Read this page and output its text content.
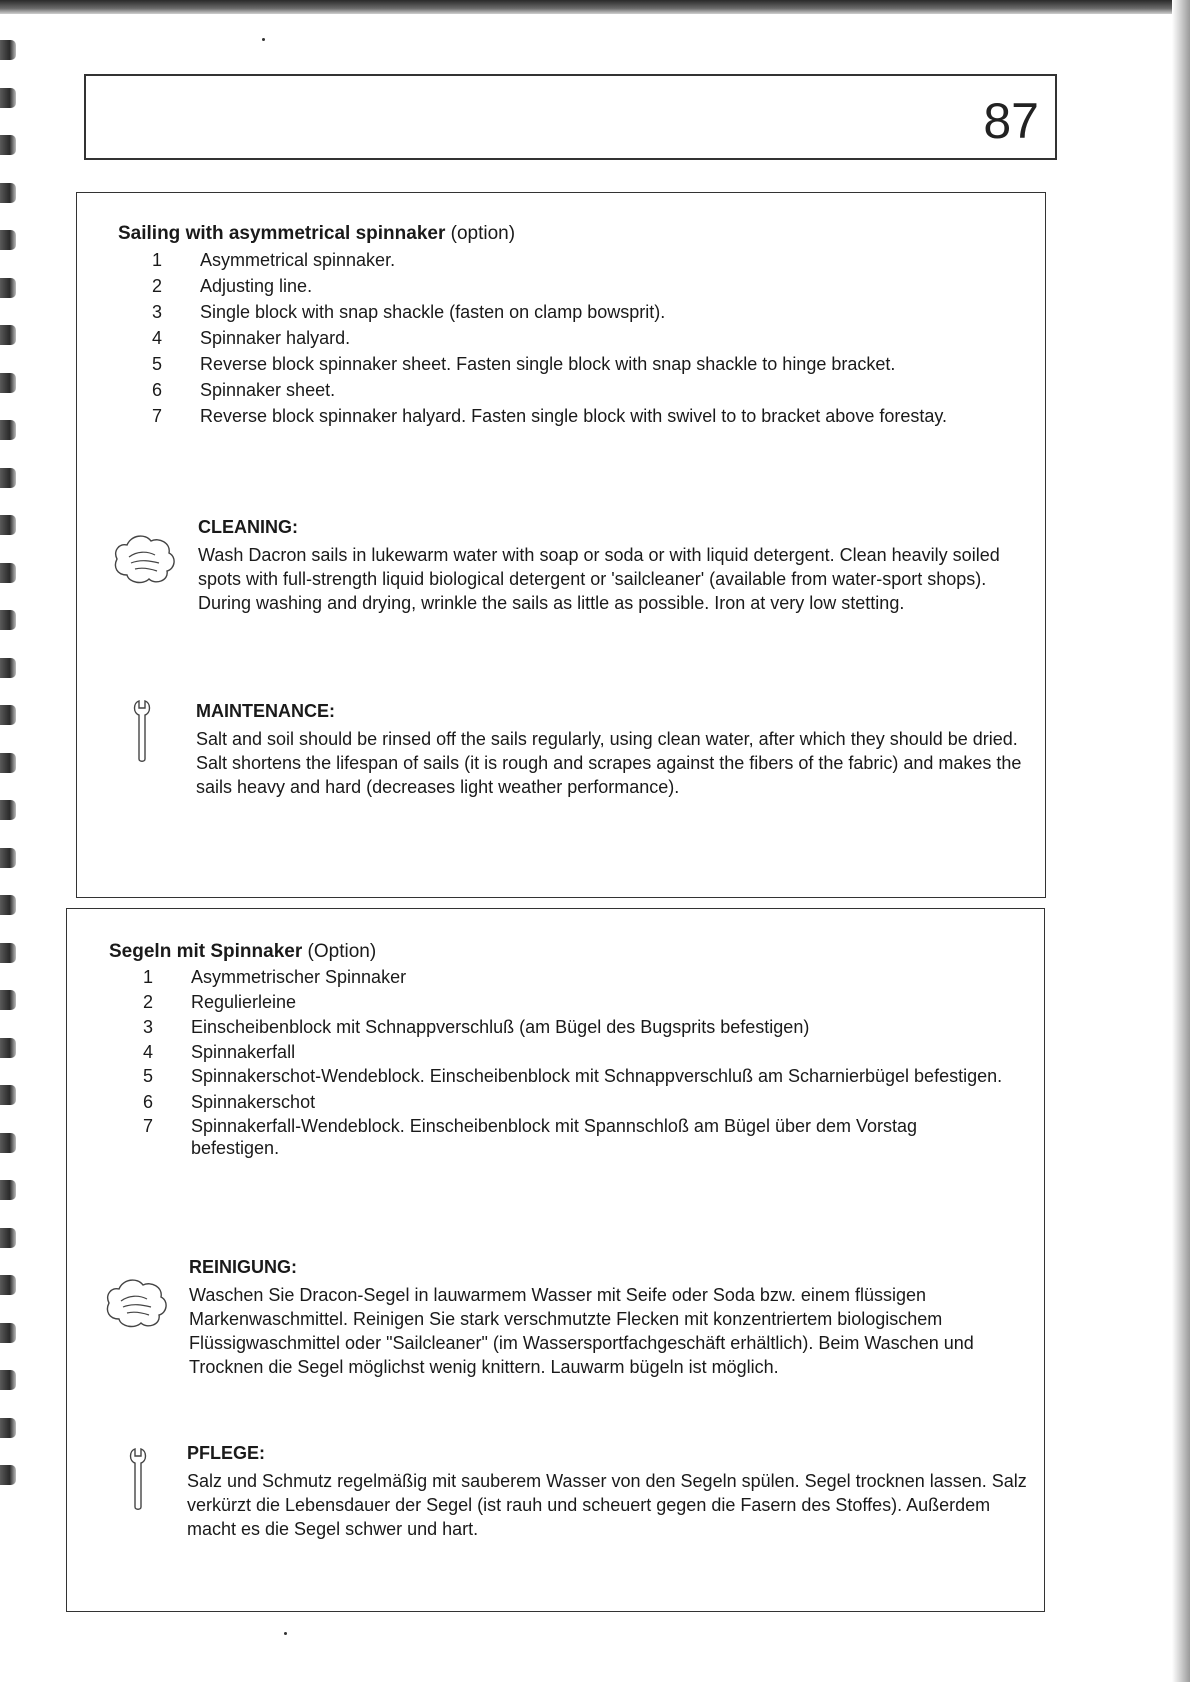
87
Sailing with asymmetrical spinnaker (option)
1 Asymmetrical spinnaker.
2 Adjusting line.
3 Single block with snap shackle (fasten on clamp bowsprit).
4 Spinnaker halyard.
5 Reverse block spinnaker sheet. Fasten single block with snap shackle to hinge bracket.
6 Spinnaker sheet.
7 Reverse block spinnaker halyard. Fasten single block with swivel to to bracket above forestay.
CLEANING:

Wash Dacron sails in lukewarm water with soap or soda or with liquid detergent. Clean heavily soiled spots with full-strength liquid biological detergent or 'sailcleaner' (available from water-sport shops). During washing and drying, wrinkle the sails as little as possible. Iron at very low stetting.

MAINTENANCE:

Salt and soil should be rinsed off the sails regularly, using clean water, after which they should be dried. Salt shortens the lifespan of sails (it is rough and scrapes against the fibers of the fabric) and makes the sails heavy and hard (decreases light weather performance).

Segeln mit Spinnaker (Option)
1 Asymmetrischer Spinnaker
2 Regulierleine
3 Einscheibenblock mit Schnappverschluß (am Bügel des Bugsprits befestigen)
4 Spinnakerfall
5 Spinnakerschot-Wendeblock. Einscheibenblock mit Schnappverschluß am Scharnierbügel befestigen.
6 Spinnakerschot
7 Spinnakerfall-Wendeblock. Einscheibenblock mit Spannschloß am Bügel über dem Vorstag befestigen.
REINIGUNG:

Waschen Sie Dracon-Segel in lauwarmem Wasser mit Seife oder Soda bzw. einem flüssigen Markenwaschmittel. Reinigen Sie stark verschmutzte Flecken mit konzentriertem biologischem Flüssigwaschmittel oder "Sailcleaner" (im Wassersportfachgeschäft erhältlich). Beim Waschen und Trocknen die Segel möglichst wenig knittern. Lauwarm bügeln ist möglich.

PFLEGE:

Salz und Schmutz regelmäßig mit sauberem Wasser von den Segeln spülen. Segel trocknen lassen. Salz verkürzt die Lebensdauer der Segel (ist rauh und scheuert gegen die Fasern des Stoffes). Außerdem macht es die Segel schwer und hart.
